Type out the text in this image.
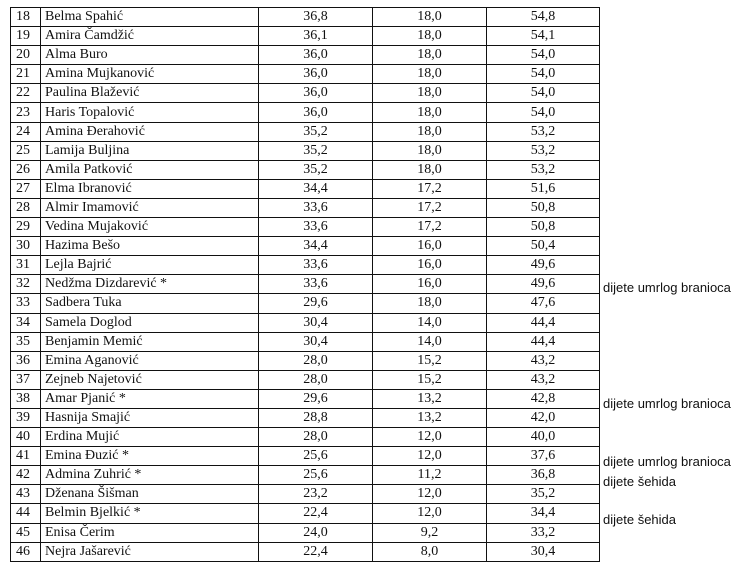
18	Belma Spahić	36,8	18,0	54,8
19	Amira Čamdžić	36,1	18,0	54,1
20	Alma Buro	36,0	18,0	54,0
21	Amina Mujkanović	36,0	18,0	54,0
22	Paulina Blažević	36,0	18,0	54,0
23	Haris Topalović	36,0	18,0	54,0
24	Amina Đerahović	35,2	18,0	53,2
25	Lamija Buljina	35,2	18,0	53,2
26	Amila Patković	35,2	18,0	53,2
27	Elma Ibranović	34,4	17,2	51,6
28	Almir Imamović	33,6	17,2	50,8
29	Vedina Mujaković	33,6	17,2	50,8
30	Hazima Bešo	34,4	16,0	50,4
31	Lejla Bajrić	33,6	16,0	49,6
32	Nedžma Dizdarević *	33,6	16,0	49,6
33	Sadbera Tuka	29,6	18,0	47,6
34	Samela Doglod	30,4	14,0	44,4
35	Benjamin Memić	30,4	14,0	44,4
36	Emina Aganović	28,0	15,2	43,2
37	Zejneb Najetović	28,0	15,2	43,2
38	Amar Pjanić *	29,6	13,2	42,8
39	Hasnija Smajić	28,8	13,2	42,0
40	Erdina Mujić	28,0	12,0	40,0
41	Emina Đuzić *	25,6	12,0	37,6
42	Admina Zuhrić *	25,6	11,2	36,8
43	Dženana Šišman	23,2	12,0	35,2
44	Belmin Bjelkić *	22,4	12,0	34,4
45	Enisa Čerim	24,0	9,2	33,2
46	Nejra Jašarević	22,4	8,0	30,4
dijete umrlog branioca
dijete umrlog branioca
dijete umrlog branioca
dijete šehida
dijete šehida
